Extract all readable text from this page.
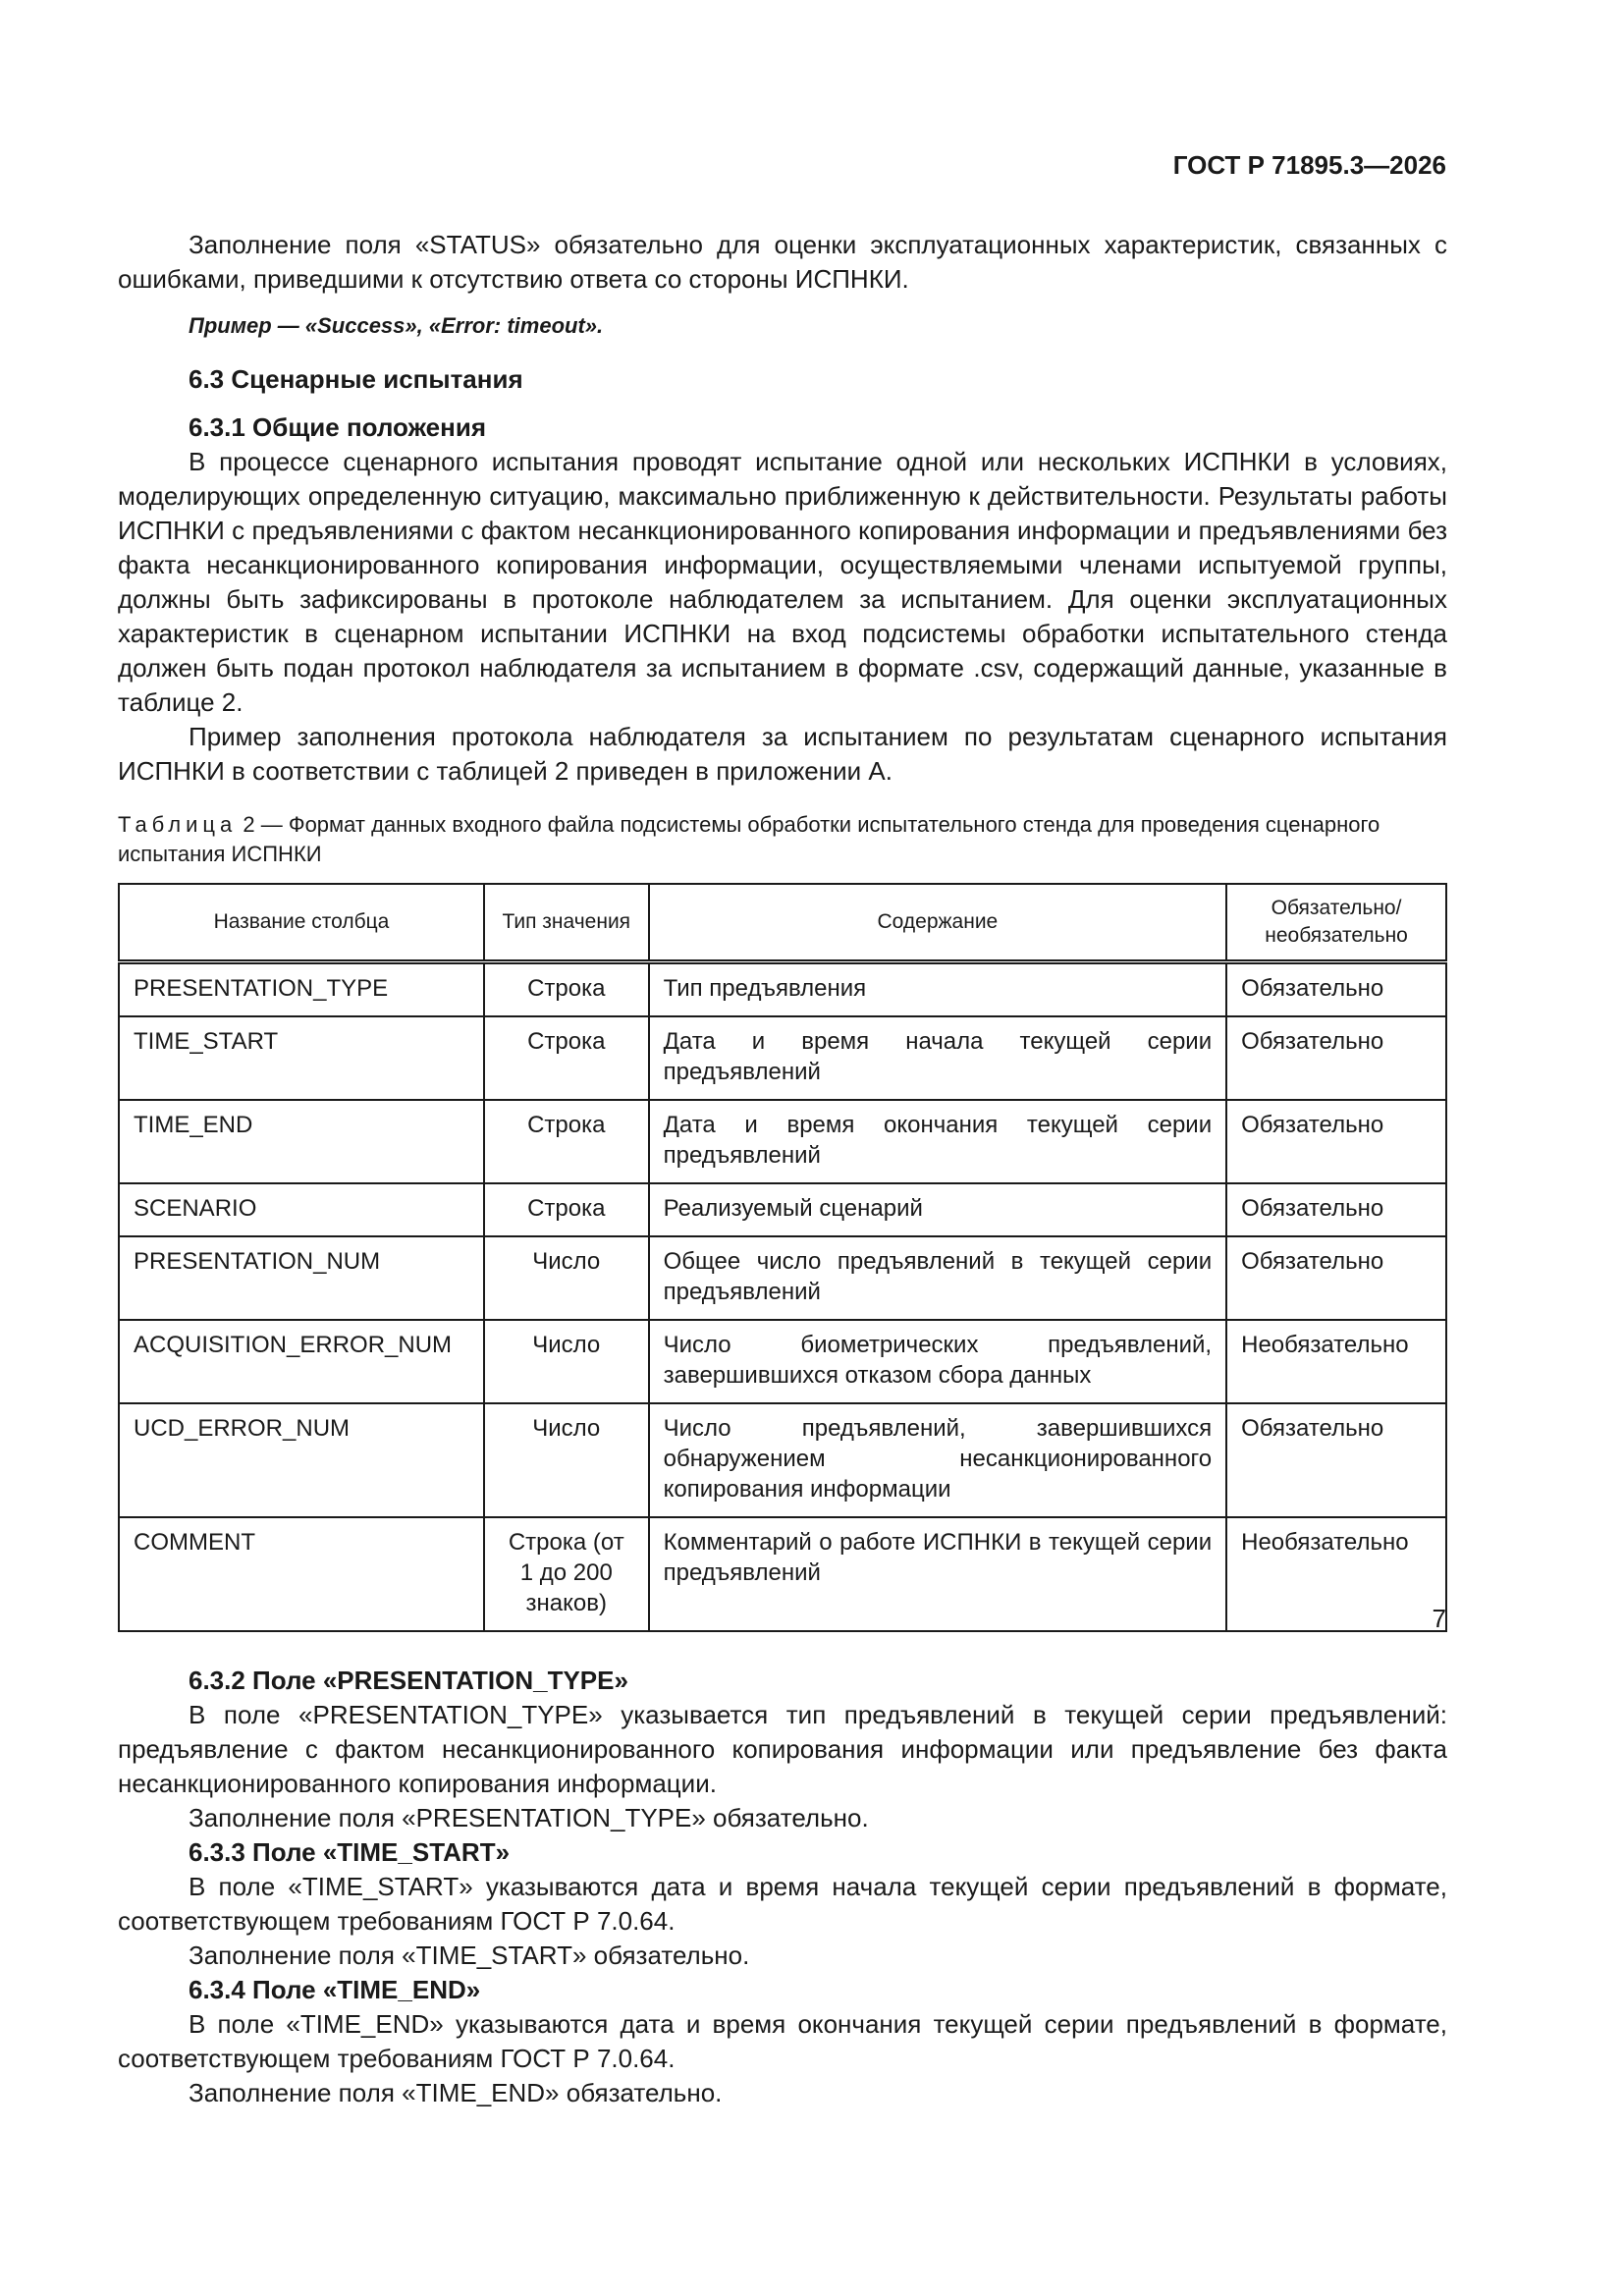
ГОСТ Р 71895.3—2026

Заполнение поля «STATUS» обязательно для оценки эксплуатационных характеристик, связанных с ошибками, приведшими к отсутствию ответа со стороны ИСПНКИ.

Пример — «Success», «Error: timeout».

6.3 Сценарные испытания

6.3.1 Общие положения

В процессе сценарного испытания проводят испытание одной или нескольких ИСПНКИ в условиях, моделирующих определенную ситуацию, максимально приближенную к действительности. Результаты работы ИСПНКИ с предъявлениями с фактом несанкционированного копирования информации и предъявлениями без факта несанкционированного копирования информации, осуществляемыми членами испытуемой группы, должны быть зафиксированы в протоколе наблюдателем за испытанием. Для оценки эксплуатационных характеристик в сценарном испытании ИСПНКИ на вход подсистемы обработки испытательного стенда должен быть подан протокол наблюдателя за испытанием в формате .csv, содержащий данные, указанные в таблице 2.

Пример заполнения протокола наблюдателя за испытанием по результатам сценарного испытания ИСПНКИ в соответствии с таблицей 2 приведен в приложении А.

Таблица 2 — Формат данных входного файла подсистемы обработки испытательного стенда для проведения сценарного испытания ИСПНКИ
Название столбца	Тип значения	Содержание	Обязательно/ необязательно
PRESENTATION_TYPE	Строка	Тип предъявления	Обязательно
TIME_START	Строка	Дата и время начала текущей серии предъявлений	Обязательно
TIME_END	Строка	Дата и время окончания текущей серии предъявлений	Обязательно
SCENARIO	Строка	Реализуемый сценарий	Обязательно
PRESENTATION_NUM	Число	Общее число предъявлений в текущей серии предъявлений	Обязательно
ACQUISITION_ERROR_NUM	Число	Число биометрических предъявлений, завершившихся отказом сбора данных	Необязательно
UCD_ERROR_NUM	Число	Число предъявлений, завершившихся обнаружением несанкционированного копирования информации	Обязательно
COMMENT	Строка (от 1 до 200 знаков)	Комментарий о работе ИСПНКИ в текущей серии предъявлений	Необязательно

6.3.2 Поле «PRESENTATION_TYPE»

В поле «PRESENTATION_TYPE» указывается тип предъявлений в текущей серии предъявлений: предъявление с фактом несанкционированного копирования информации или предъявление без факта несанкционированного копирования информации.

Заполнение поля «PRESENTATION_TYPE» обязательно.

6.3.3 Поле «TIME_START»

В поле «TIME_START» указываются дата и время начала текущей серии предъявлений в формате, соответствующем требованиям ГОСТ Р 7.0.64.

Заполнение поля «TIME_START» обязательно.

6.3.4 Поле «TIME_END»

В поле «TIME_END» указываются дата и время окончания текущей серии предъявлений в формате, соответствующем требованиям ГОСТ Р 7.0.64.

Заполнение поля «TIME_END» обязательно.

7
